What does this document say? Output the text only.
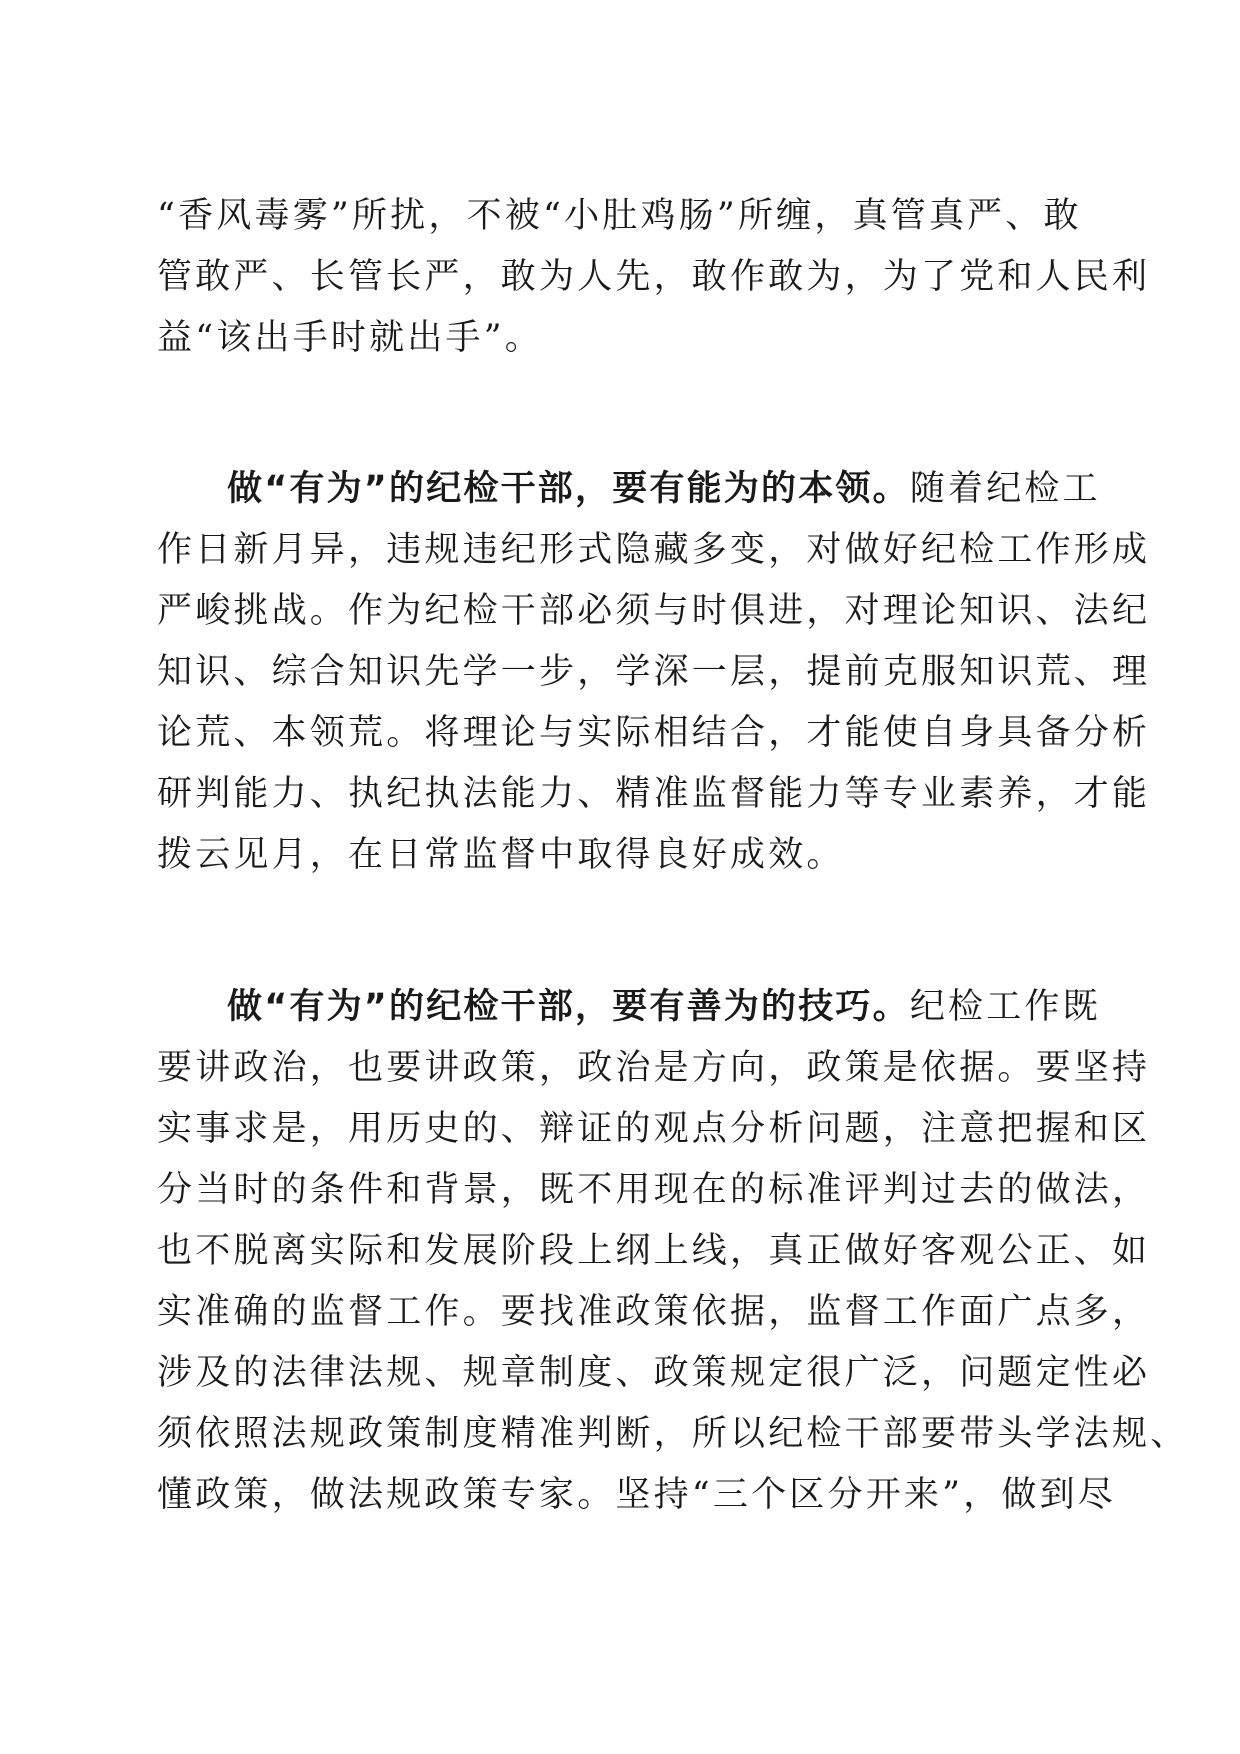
“香风毒雾”所扰，不被“小肚鸡肠”所缠，真管真严、敢
管敢严、长管长严，敢为人先，敢作敢为，为了党和人民利
益“该出手时就出手”。
做“有为”的纪检干部，要有能为的本领。随着纪检工
作日新月异，违规违纪形式隐藏多变，对做好纪检工作形成
严峻挑战。作为纪检干部必须与时俱进，对理论知识、法纪
知识、综合知识先学一步，学深一层，提前克服知识荒、理
论荒、本领荒。将理论与实际相结合，才能使自身具备分析
研判能力、执纪执法能力、精准监督能力等专业素养，才能
拨云见月，在日常监督中取得良好成效。
做“有为”的纪检干部，要有善为的技巧。纪检工作既
要讲政治，也要讲政策，政治是方向，政策是依据。要坚持
实事求是，用历史的、辩证的观点分析问题，注意把握和区
分当时的条件和背景，既不用现在的标准评判过去的做法，
也不脱离实际和发展阶段上纲上线，真正做好客观公正、如
实准确的监督工作。要找准政策依据，监督工作面广点多，
涉及的法律法规、规章制度、政策规定很广泛，问题定性必
须依照法规政策制度精准判断，所以纪检干部要带头学法规、
懂政策，做法规政策专家。坚持“三个区分开来”，做到尽
